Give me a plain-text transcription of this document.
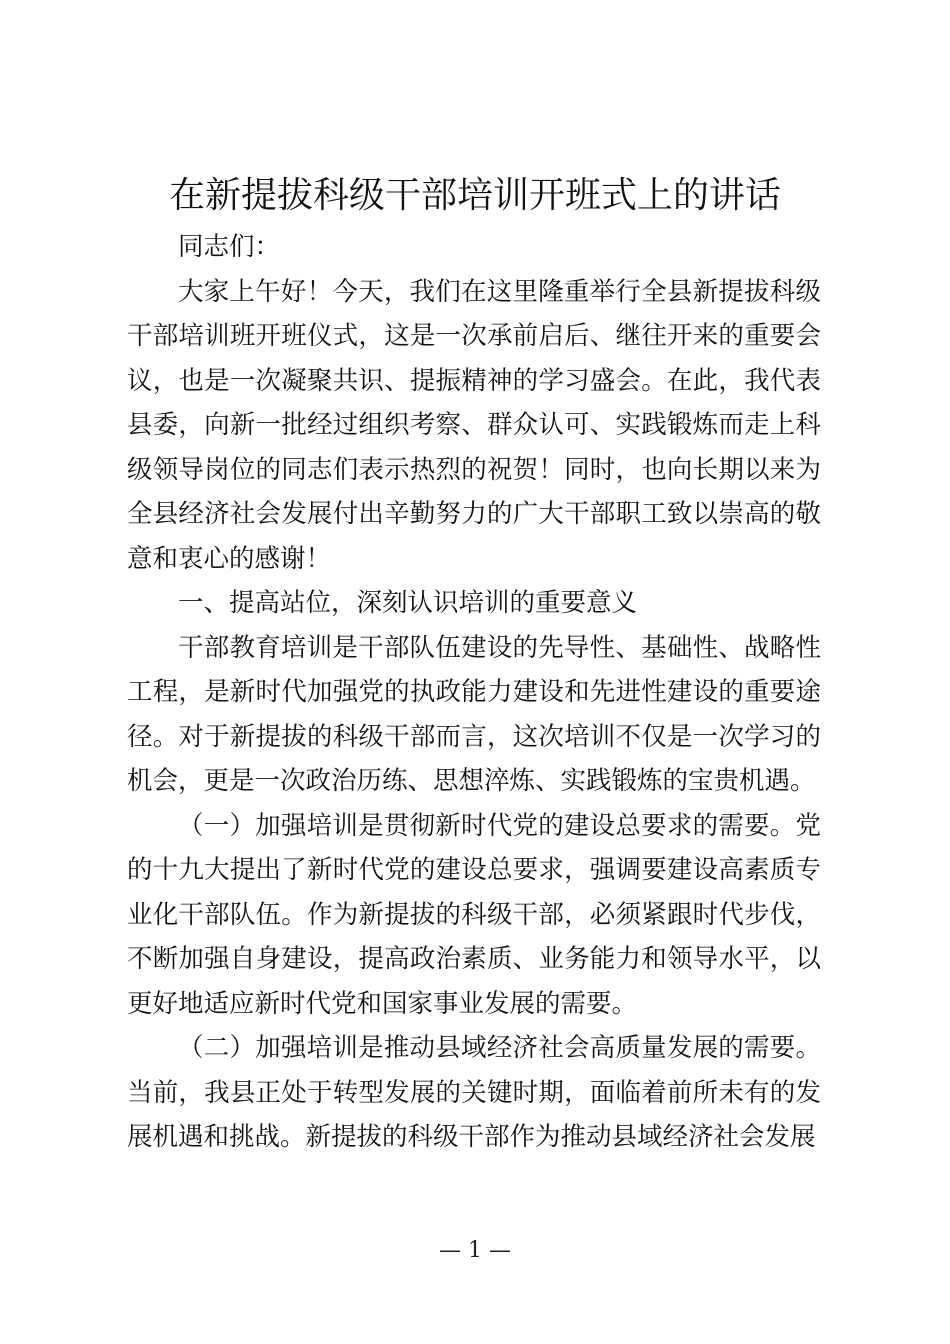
在新提拔科级干部培训开班式上的讲话

同志们：

大家上午好！今天，我们在这里隆重举行全县新提拔科级干部培训班开班仪式，这是一次承前启后、继往开来的重要会议，也是一次凝聚共识、提振精神的学习盛会。在此，我代表县委，向新一批经过组织考察、群众认可、实践锻炼而走上科级领导岗位的同志们表示热烈的祝贺！同时，也向长期以来为全县经济社会发展付出辛勤努力的广大干部职工致以崇高的敬意和衷心的感谢！

一、提高站位，深刻认识培训的重要意义

干部教育培训是干部队伍建设的先导性、基础性、战略性工程，是新时代加强党的执政能力建设和先进性建设的重要途径。对于新提拔的科级干部而言，这次培训不仅是一次学习的机会，更是一次政治历练、思想淬炼、实践锻炼的宝贵机遇。

（一）加强培训是贯彻新时代党的建设总要求的需要。党的十九大提出了新时代党的建设总要求，强调要建设高素质专业化干部队伍。作为新提拔的科级干部，必须紧跟时代步伐，不断加强自身建设，提高政治素质、业务能力和领导水平，以更好地适应新时代党和国家事业发展的需要。

（二）加强培训是推动县域经济社会高质量发展的需要。当前，我县正处于转型发展的关键时期，面临着前所未有的发展机遇和挑战。新提拔的科级干部作为推动县域经济社会发展

— 1 —
